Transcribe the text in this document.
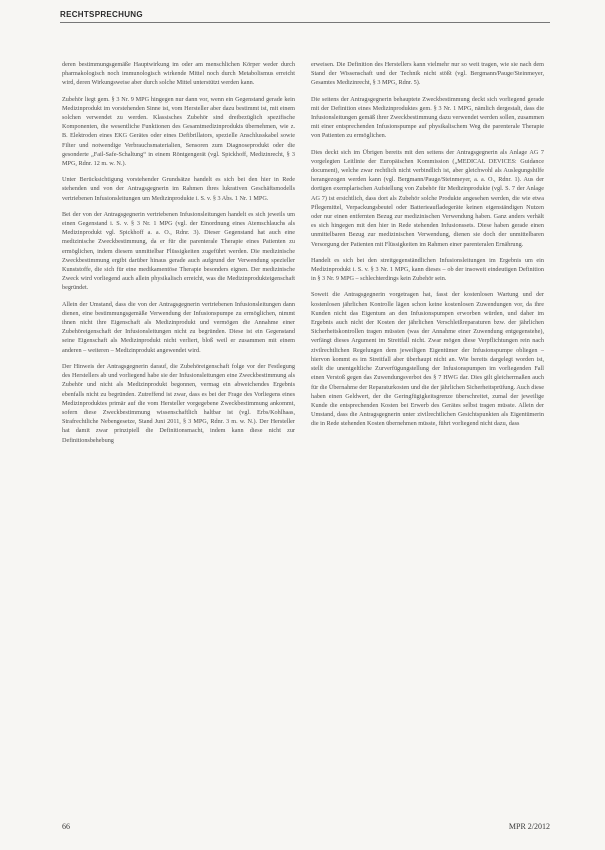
RECHTSPRECHUNG

deren bestimmungsgemäße Hauptwirkung im oder am menschlichen Körper weder durch pharmakologisch noch immunologisch wirkende Mittel noch durch Metabolismus erreicht wird, deren Wirkungsweise aber durch solche Mittel unterstützt werden kann.

Zubehör liegt gem. § 3 Nr. 9 MPG hingegen nur dann vor, wenn ein Gegenstand gerade kein Medizinprodukt im vorstehenden Sinne ist, vom Hersteller aber dazu bestimmt ist, mit einem solchen verwendet zu werden. Klassisches Zubehör sind dreibezüglich spezifische Komponenten, die wesentliche Funktionen des Gesamtmedizinprodukts übernehmen, wie z. B. Elektroden eines EKG Gerätes oder eines Defibrillators, spezielle Anschlusskabel sowie Filter und notwendige Verbrauchsmaterialien, Sensoren zum Diagnoseprodukt oder die gesonderte „Fail-Safe-Schaltung“ in einem Röntgengerät (vgl. Spickhoff, Medizinrecht, § 3 MPG, Rdnr. 12 m. w. N.).

Unter Berücksichtigung vorstehender Grundsätze handelt es sich bei den hier in Rede stehenden und von der Antragsgegnerin im Rahmen ihres lukrativen Geschäftsmodells vertriebenen Infusionsleitungen um Medizinprodukte i. S. v. § 3 Abs. 1 Nr. 1 MPG.

Bei der von der Antragsgegnerin vertriebenen Infusionsleitungen handelt es sich jeweils um einen Gegenstand i. S. v. § 3 Nr. 1 MPG (vgl. der Einordnung eines Atemschlauchs als Medizinprodukt vgl. Spickhoff a. a. O., Rdnr. 3). Dieser Gegenstand hat auch eine medizinische Zweckbestimmung, da er für die parenterale Therapie eines Patienten zu ermöglichen, indem diesem unmittelbar Flüssigkeiten zugeführt werden. Die medizinische Zweckbestimmung ergibt darüber hinaus gerade auch aufgrund der Verwendung spezieller Kunststoffe, die sich für eine medikamentöse Therapie besonders eignen. Der medizinische Zweck wird vorliegend auch allein physikalisch erreicht, was die Medizinprodukteigenschaft begründet.

Allein der Umstand, dass die von der Antragsgegnerin vertriebenen Infusionsleitungen dann dienen, eine bestimmungsgemäße Verwendung der Infusionspumpe zu ermöglichen, nimmt ihnen nicht ihre Eigenschaft als Medizinprodukt und vermögen die Annahme einer Zubehöreigenschaft der Infusionsleitungen nicht zu begründen. Diese ist ein Gegenstand seine Eigenschaft als Medizinprodukt nicht verliert, bloß weil er zusammen mit einem anderen – weiteren – Medizinprodukt angewendet wird.

Der Hinweis der Antragsgegnerin darauf, die Zubehöreigenschaft folge vor der Festlegung des Herstellers ab und vorliegend habe sie der Infusionsleitungen eine Zweckbestimmung als Zubehör und nicht als Medizinprodukt begonnen, vermag ein abweichendes Ergebnis ebenfalls nicht zu begründen. Zutreffend ist zwar, dass es bei der Frage des Vorliegens eines Medizinproduktes primär auf die vom Hersteller vorgegebene Zweckbestimmung ankommt, sofern diese Zweckbestimmung wissenschaftlich haltbar ist (vgl. Erbs/Kohlhaas, Strafrechtliche Nebengesetze, Stand Juni 2011, § 3 MPG, Rdnr. 3 m. w. N.). Der Hersteller hat damit zwar prinzipiell die Definitionsmacht, indem kann diese nicht zur Definitionsbehebung

erweisen. Die Definition des Herstellers kann vielmehr nur so weit tragen, wie sie nach dem Stand der Wissenschaft und der Technik nicht stößt (vgl. Bergmann/Pauge/Steinmeyer, Gesamtes Medizinrecht, § 3 MPG, Rdnr. 5).

Die seitens der Antragsgegnerin behauptete Zweckbestimmung deckt sich vorliegend gerade mit der Definition eines Medizinproduktes gem. § 3 Nr. 1 MPG, nämlich dergestalt, dass die Infusionsleitungen gemäß ihrer Zweckbestimmung dazu verwendet werden sollen, zusammen mit einer entsprechenden Infusionspumpe auf physikalischem Weg die parenterale Therapie von Patienten zu ermöglichen.

Dies deckt sich im Übrigen bereits mit den seitens der Antragsgegnerin als Anlage AG 7 vorgelegten Leitlinie der Europäischen Kommission („MEDICAL DEVICES: Guidance document), welche zwar rechtlich nicht verbindlich ist, aber gleichwohl als Auslegungshilfe herangezogen werden kann (vgl. Bergmann/Pauge/Steinmeyer, a. a. O., Rdnr. 1). Aus der dortigen exemplarischen Aufstellung von Zubehör für Medizinprodukte (vgl. S. 7 der Anlage AG 7) ist ersichtlich, dass dort als Zubehör solche Produkte angesehen werden, die wie etwa Pflegemittel, Verpackungsbeutel oder Batterieaufladegeräte keinen eigenständigen Nutzen oder nur einen entfernten Bezug zur medizinischen Verwendung haben. Ganz anders verhält es sich hingegen mit den hier in Rede stehenden Infusionssets. Diese haben gerade einen unmittelbaren Bezug zur medizinischen Verwendung, dienen sie doch der unmittelbaren Versorgung der Patienten mit Flüssigkeiten im Rahmen einer parenteralen Ernährung.

Handelt es sich bei den streitgegenständlichen Infusionsleitungen im Ergebnis um ein Medizinprodukt i. S. v. § 3 Nr. 1 MPG, kann dieses – ob der insoweit eindeutigen Definition in § 3 Nr. 9 MPG – schlechterdings kein Zubehör sein.

Soweit die Antragsgegnerin vorgetragen hat, fasst der kostenlosen Wartung und der kostenlosen jährlichen Kontrolle lägen schon keine kostenlosen Zuwendungen vor, da ihre Kunden nicht das Eigentum an den Infusionspumpen erworben würden, und daher im Ergebnis auch nicht der Kosten der jährlichen Verschleißreparaturen bzw. der jährlichen Sicherheitskontrollen tragen müssten (was der Annahme einer Zuwendung entgegenstehe), verfängt dieses Argument im Streitfall nicht. Zwar mögen diese Verpflichtungen rein nach zivilrechtlichen Regelungen dem jeweiligen Eigentümer der Infusionspumpe obliegen – hiervon kommt es im Streitfall aber überhaupt nicht an. Wie bereits dargelegt worden ist, stellt die unentgeltliche Zurverfügungstellung der Infusionspumpen im vorliegenden Fall einen Verstoß gegen das Zuwendungsverbot des § 7 HWG dar. Dies gilt gleichermaßen auch für die Übernahme der Reparaturkosten und die der jährlichen Sicherheitsprüfung. Auch diese haben einen Geldwert, der die Geringfügigkeitsgrenze überschreitet, zumal der jeweilige Kunde die entsprechenden Kosten bei Erwerb des Gerätes selbst tragen müsste. Allein der Umstand, dass die Antragsgegnerin unter zivilrechtlichen Gesichtspunkten als Eigentümerin die in Rede stehenden Kosten übernehmen müsste, führt vorliegend nicht dazu, dass

66	MPR 2/2012
